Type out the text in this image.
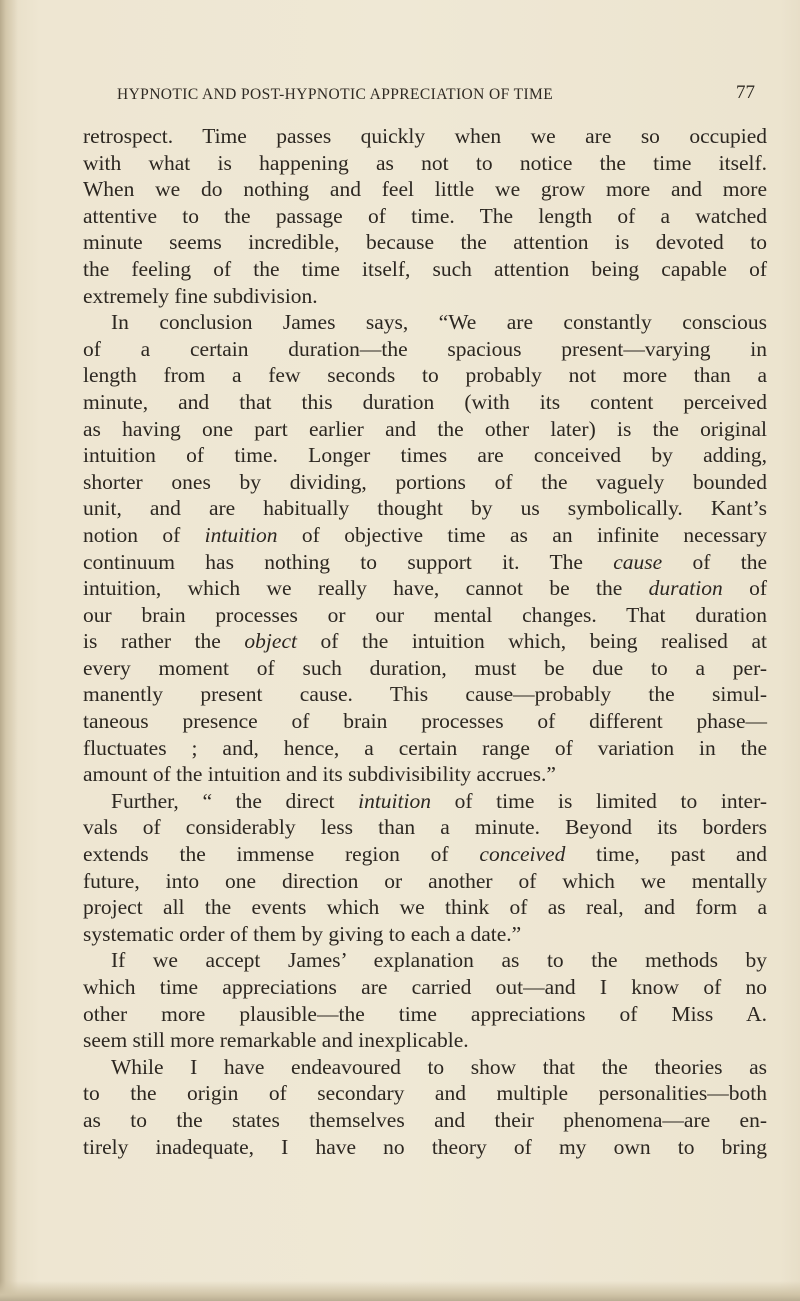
HYPNOTIC AND POST-HYPNOTIC APPRECIATION OF TIME	77
retrospect. Time passes quickly when we are so occupied
with what is happening as not to notice the time itself.
When we do nothing and feel little we grow more and more
attentive to the passage of time. The length of a watched
minute seems incredible, because the attention is devoted to
the feeling of the time itself, such attention being capable of
extremely fine subdivision.
In conclusion James says, “We are constantly conscious
of a certain duration—the spacious present—varying in
length from a few seconds to probably not more than a
minute, and that this duration (with its content perceived
as having one part earlier and the other later) is the original
intuition of time. Longer times are conceived by adding,
shorter ones by dividing, portions of the vaguely bounded
unit, and are habitually thought by us symbolically. Kant’s
notion of intuition of objective time as an infinite necessary
continuum has nothing to support it. The cause of the
intuition, which we really have, cannot be the duration of
our brain processes or our mental changes. That duration
is rather the object of the intuition which, being realised at
every moment of such duration, must be due to a per-
manently present cause. This cause—probably the simul-
taneous presence of brain processes of different phase—
fluctuates ; and, hence, a certain range of variation in the
amount of the intuition and its subdivisibility accrues.”
Further, “ the direct intuition of time is limited to inter-
vals of considerably less than a minute. Beyond its borders
extends the immense region of conceived time, past and
future, into one direction or another of which we mentally
project all the events which we think of as real, and form a
systematic order of them by giving to each a date.”
If we accept James’ explanation as to the methods by
which time appreciations are carried out—and I know of no
other more plausible—the time appreciations of Miss A.
seem still more remarkable and inexplicable.
While I have endeavoured to show that the theories as
to the origin of secondary and multiple personalities—both
as to the states themselves and their phenomena—are en-
tirely inadequate, I have no theory of my own to bring
